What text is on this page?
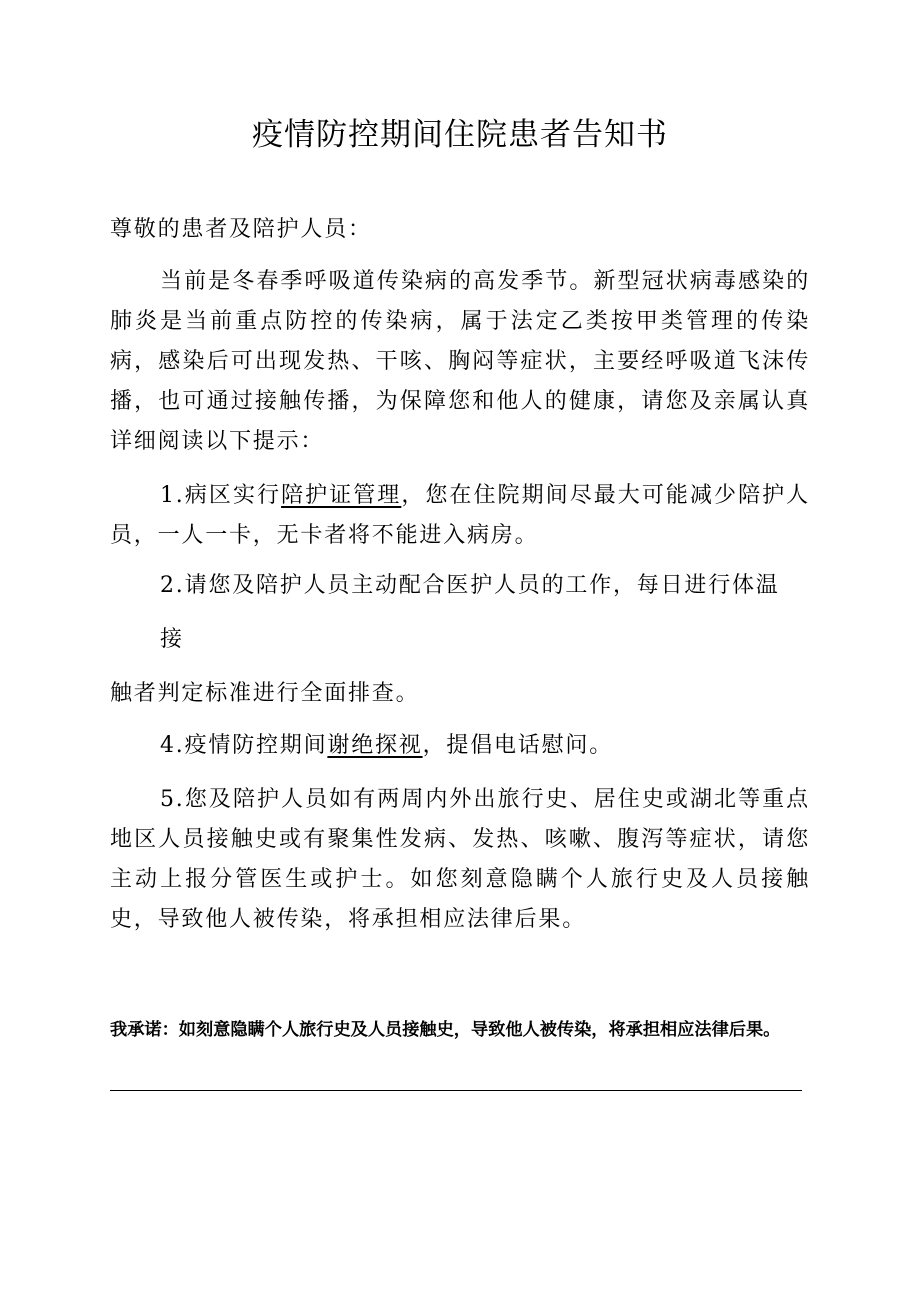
疫情防控期间住院患者告知书

尊敬的患者及陪护人员：

当前是冬春季呼吸道传染病的高发季节。新型冠状病毒感染的肺炎是当前重点防控的传染病，属于法定乙类按甲类管理的传染病，感染后可出现发热、干咳、胸闷等症状，主要经呼吸道飞沫传播，也可通过接触传播，为保障您和他人的健康，请您及亲属认真详细阅读以下提示：

1.病区实行陪护证管理，您在住院期间尽最大可能减少陪护人员，一人一卡，无卡者将不能进入病房。

2.请您及陪护人员主动配合医护人员的工作，每日进行体温

接

触者判定标准进行全面排查。

4.疫情防控期间谢绝探视，提倡电话慰问。

5.您及陪护人员如有两周内外出旅行史、居住史或湖北等重点地区人员接触史或有聚集性发病、发热、咳嗽、腹泻等症状，请您主动上报分管医生或护士。如您刻意隐瞒个人旅行史及人员接触史，导致他人被传染，将承担相应法律后果。

我承诺：如刻意隐瞒个人旅行史及人员接触史，导致他人被传染，将承担相应法律后果。
